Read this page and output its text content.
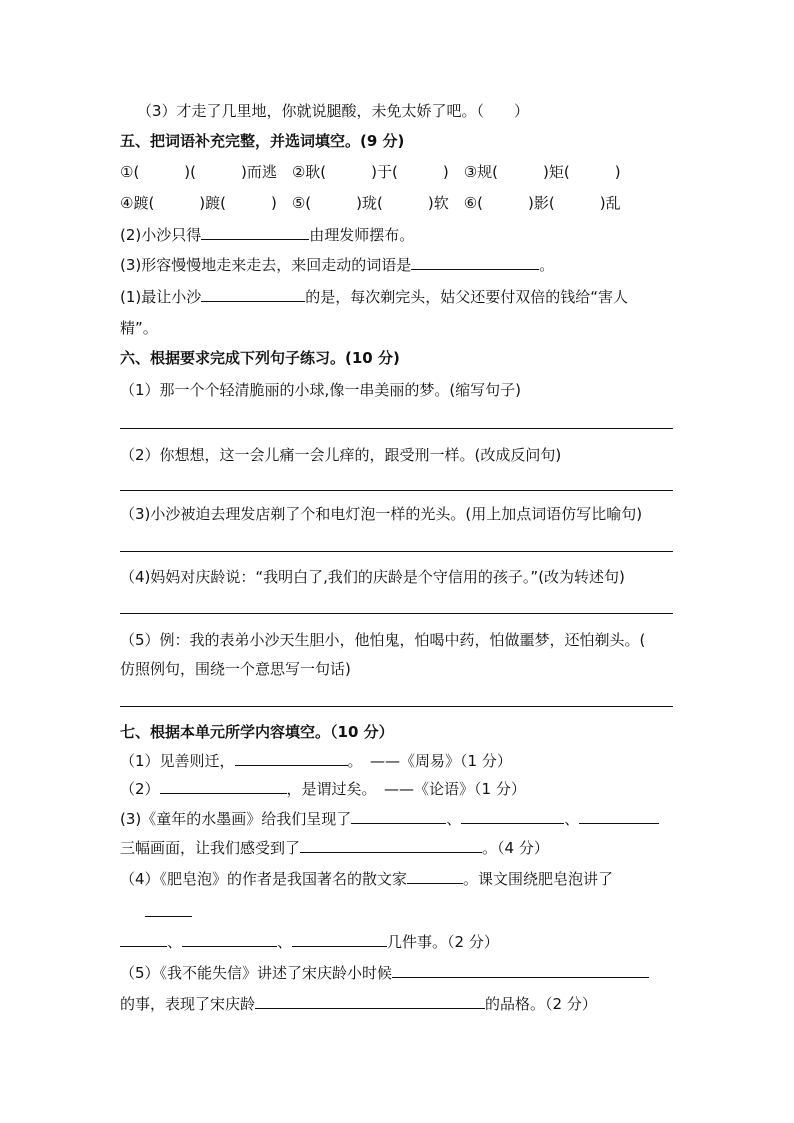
（3）才走了几里地，你就说腿酸，未免太娇了吧。（　　）
五、把词语补充完整，并选词填空。(9 分)
①(　　　)(　　　)而逃　②耿(　　　)于(　　　)　③规(　　　)矩(　　　)
④踱(　　　)踱(　　　)　⑤(　　　)珑(　　　)软　⑥(　　　)影(　　　)乱
(2)小沙只得	由理发师摆布。
(3)形容慢慢地走来走去，来回走动的词语是	。
(1)最让小沙	的是，每次剃完头，姑父还要付双倍的钱给“害人
精”。
六、根据要求完成下列句子练习。(10 分)
（1）那一个个轻清脆丽的小球,像一串美丽的梦。(缩写句子)
（2）你想想，这一会儿痛一会儿痒的，跟受刑一样。(改成反问句)
（3)小沙被迫去理发店剃了个和电灯泡一样的光头。(用上加点词语仿写比喻句)
（4)妈妈对庆龄说：“我明白了,我们的庆龄是个守信用的孩子。”(改为转述句)
（5）例：我的表弟小沙天生胆小，他怕鬼，怕喝中药，怕做噩梦，还怕剃头。(
仿照例句，围绕一个意思写一句话)
七、根据本单元所学内容填空。（10 分）
（1）见善则迁，	。　——《周易》（1 分）
（2）	，是谓过矣。　——《论语》（1 分）
(3)《童年的水墨画》给我们呈现了	、	、
三幅画面，让我们感受到了	。（4 分）
（4）《肥皂泡》的作者是我国著名的散文家	。课文围绕肥皂泡讲了
、	、	几件事。（2 分）
（5）《我不能失信》讲述了宋庆龄小时候
的事，表现了宋庆龄	的品格。（2 分）
